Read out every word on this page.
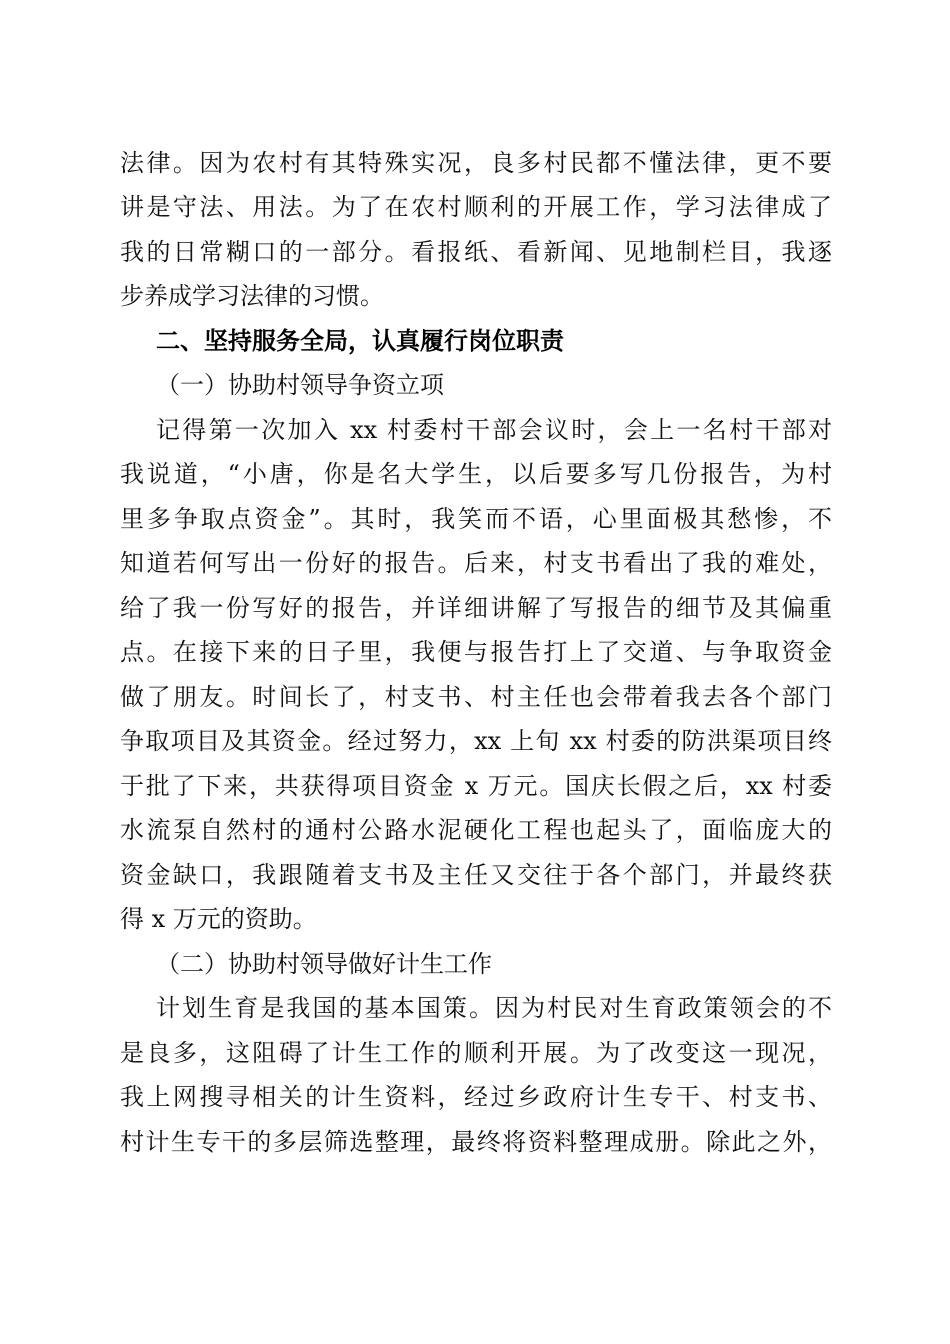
法律。因为农村有其特殊实况，良多村民都不懂法律，更不要
讲是守法、用法。为了在农村顺利的开展工作，学习法律成了
我的日常糊口的一部分。看报纸、看新闻、见地制栏目，我逐
步养成学习法律的习惯。
二、坚持服务全局，认真履行岗位职责
（一）协助村领导争资立项
记得第一次加入 xx 村委村干部会议时，会上一名村干部对
我说道，“小唐，你是名大学生，以后要多写几份报告，为村
里多争取点资金”。其时，我笑而不语，心里面极其愁惨，不
知道若何写出一份好的报告。后来，村支书看出了我的难处，
给了我一份写好的报告，并详细讲解了写报告的细节及其偏重
点。在接下来的日子里，我便与报告打上了交道、与争取资金
做了朋友。时间长了，村支书、村主任也会带着我去各个部门
争取项目及其资金。经过努力，xx 上旬 xx 村委的防洪渠项目终
于批了下来，共获得项目资金 x 万元。国庆长假之后，xx 村委
水流泵自然村的通村公路水泥硬化工程也起头了，面临庞大的
资金缺口，我跟随着支书及主任又交往于各个部门，并最终获
得 x 万元的资助。
（二）协助村领导做好计生工作
计划生育是我国的基本国策。因为村民对生育政策领会的不
是良多，这阻碍了计生工作的顺利开展。为了改变这一现况，
我上网搜寻相关的计生资料，经过乡政府计生专干、村支书、
村计生专干的多层筛选整理，最终将资料整理成册。除此之外，
